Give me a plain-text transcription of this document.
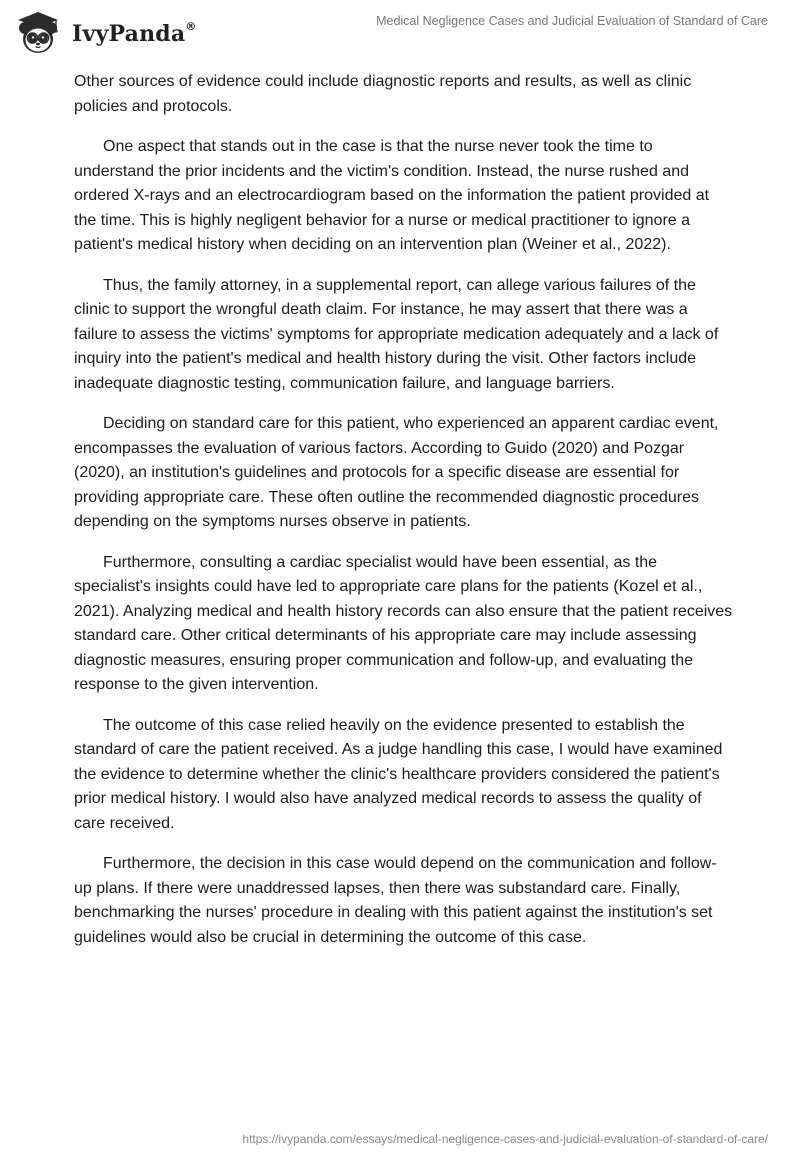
IvyPanda®	Medical Negligence Cases and Judicial Evaluation of Standard of Care

Other sources of evidence could include diagnostic reports and results, as well as clinic policies and protocols.

One aspect that stands out in the case is that the nurse never took the time to understand the prior incidents and the victim's condition. Instead, the nurse rushed and ordered X-rays and an electrocardiogram based on the information the patient provided at the time. This is highly negligent behavior for a nurse or medical practitioner to ignore a patient's medical history when deciding on an intervention plan (Weiner et al., 2022).

Thus, the family attorney, in a supplemental report, can allege various failures of the clinic to support the wrongful death claim. For instance, he may assert that there was a failure to assess the victims' symptoms for appropriate medication adequately and a lack of inquiry into the patient's medical and health history during the visit. Other factors include inadequate diagnostic testing, communication failure, and language barriers.

Deciding on standard care for this patient, who experienced an apparent cardiac event, encompasses the evaluation of various factors. According to Guido (2020) and Pozgar (2020), an institution's guidelines and protocols for a specific disease are essential for providing appropriate care. These often outline the recommended diagnostic procedures depending on the symptoms nurses observe in patients.

Furthermore, consulting a cardiac specialist would have been essential, as the specialist's insights could have led to appropriate care plans for the patients (Kozel et al., 2021). Analyzing medical and health history records can also ensure that the patient receives standard care. Other critical determinants of his appropriate care may include assessing diagnostic measures, ensuring proper communication and follow-up, and evaluating the response to the given intervention.

The outcome of this case relied heavily on the evidence presented to establish the standard of care the patient received. As a judge handling this case, I would have examined the evidence to determine whether the clinic's healthcare providers considered the patient's prior medical history. I would also have analyzed medical records to assess the quality of care received.

Furthermore, the decision in this case would depend on the communication and follow-up plans. If there were unaddressed lapses, then there was substandard care. Finally, benchmarking the nurses' procedure in dealing with this patient against the institution's set guidelines would also be crucial in determining the outcome of this case.

https://ivypanda.com/essays/medical-negligence-cases-and-judicial-evaluation-of-standard-of-care/
